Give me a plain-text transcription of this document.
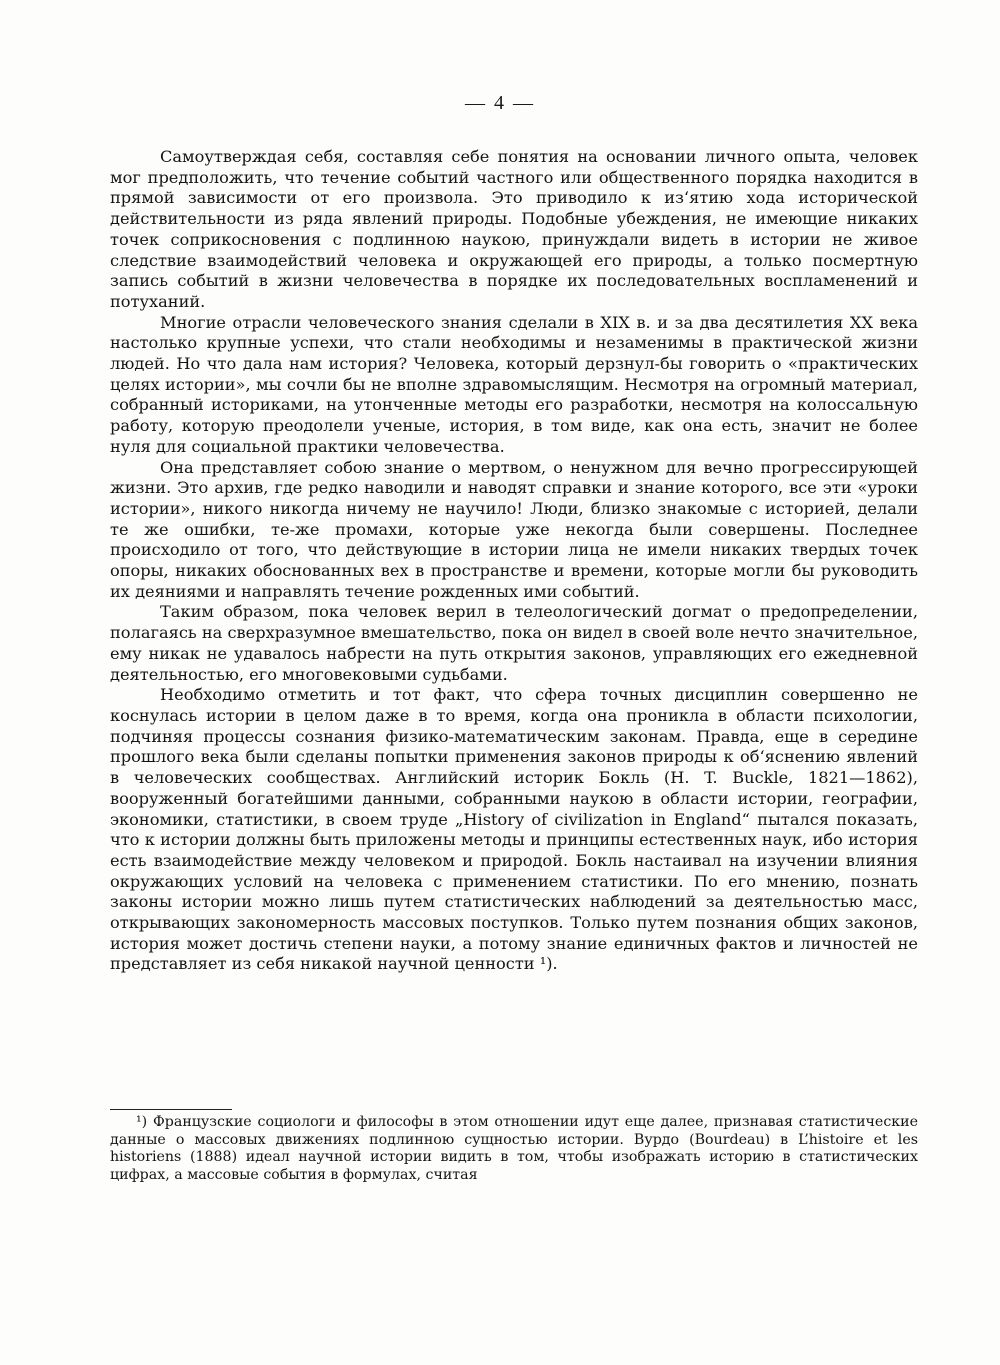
— 4 —

Самоутверждая себя, составляя себе понятия на основании личного опыта, человек мог предположить, что течение событий частного или общественного порядка находится в прямой зависимости от его произвола. Это приводило к из‘ятию хода исторической действительности из ряда явлений природы. Подобные убеждения, не имеющие никаких точек соприкосновения с подлинною наукою, принуждали видеть в истории не живое следствие взаимодействий человека и окружающей его природы, а только посмертную запись событий в жизни человечества в порядке их последовательных воспламенений и потуханий.

Многие отрасли человеческого знания сделали в XIX в. и за два десятилетия XX века настолько крупные успехи, что стали необходимы и незаменимы в практической жизни людей. Но что дала нам история? Человека, который дерзнул-бы говорить о «практических целях истории», мы сочли бы не вполне здравомыслящим. Несмотря на огромный материал, собранный историками, на утонченные методы его разработки, несмотря на колоссальную работу, которую преодолели ученые, история, в том виде, как она есть, значит не более нуля для социальной практики человечества.

Она представляет собою знание о мертвом, о ненужном для вечно прогрессирующей жизни. Это архив, где редко наводили и наводят справки и знание которого, все эти «уроки истории», никого никогда ничему не научило! Люди, близко знакомые с историей, делали те же ошибки, те-же промахи, которые уже некогда были совершены. Последнее происходило от того, что действующие в истории лица не имели никаких твердых точек опоры, никаких обоснованных вех в пространстве и времени, которые могли бы руководить их деяниями и направлять течение рожденных ими событий.

Таким образом, пока человек верил в телеологический догмат о предопределении, полагаясь на сверхразумное вмешательство, пока он видел в своей воле нечто значительное, ему никак не удавалось набрести на путь открытия законов, управляющих его ежедневной деятельностью, его многовековыми судьбами.

Необходимо отметить и тот факт, что сфера точных дисциплин совершенно не коснулась истории в целом даже в то время, когда она проникла в области психологии, подчиняя процессы сознания физико-математическим законам. Правда, еще в середине прошлого века были сделаны попытки применения законов природы к об‘яснению явлений в человеческих сообществах. Английский историк Бокль (H. T. Buckle, 1821—1862), вооруженный богатейшими данными, собранными наукою в области истории, географии, экономики, статистики, в своем труде „History of civilization in England“ пытался показать, что к истории должны быть приложены методы и принципы естественных наук, ибо история есть взаимодействие между человеком и природой. Бокль настаивал на изучении влияния окружающих условий на человека с применением статистики. По его мнению, познать законы истории можно лишь путем статистических наблюдений за деятельностью масс, открывающих закономерность массовых поступков. Только путем познания общих законов, история может достичь степени науки, а потому знание единичных фактов и личностей не представляет из себя никакой научной ценности ¹).

¹) Французские социологи и философы в этом отношении идут еще далее, признавая статистические данные о массовых движениях подлинною сущностью истории. Вурдо (Bourdeau) в L’histoire et les historiens (1888) идеал научной истории видить в том, чтобы изображать историю в статистических цифрах, а массовые события в формулах, считая
